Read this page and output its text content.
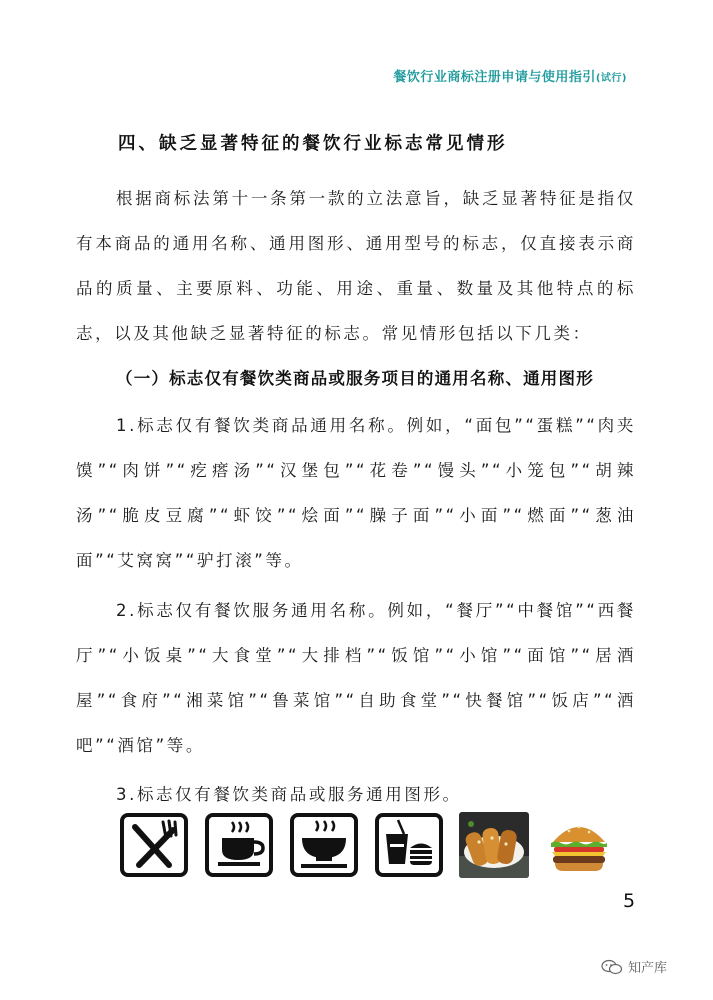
餐饮行业商标注册申请与使用指引(试行)
四、缺乏显著特征的餐饮行业标志常见情形
根据商标法第十一条第一款的立法意旨，缺乏显著特征是指仅有本商品的通用名称、通用图形、通用型号的标志，仅直接表示商品的质量、主要原料、功能、用途、重量、数量及其他特点的标志，以及其他缺乏显著特征的标志。常见情形包括以下几类：
（一）标志仅有餐饮类商品或服务项目的通用名称、通用图形
1.标志仅有餐饮类商品通用名称。例如，“面包”“蛋糕”“肉夹馍”“肉饼”“疙瘩汤”“汉堡包”“花卷”“馒头”“小笼包”“胡辣汤”“脆皮豆腐”“虾饺”“烩面”“臊子面”“小面”“燃面”“葱油面”“艾窝窝”“驴打滚”等。
2.标志仅有餐饮服务通用名称。例如，“餐厅”“中餐馆”“西餐厅”“小饭桌”“大食堂”“大排档”“饭馆”“小馆”“面馆”“居酒屋”“食府”“湘菜馆”“鲁菜馆”“自助食堂”“快餐馆”“饭店”“酒吧”“酒馆”等。
3.标志仅有餐饮类商品或服务通用图形。
5
知产库
